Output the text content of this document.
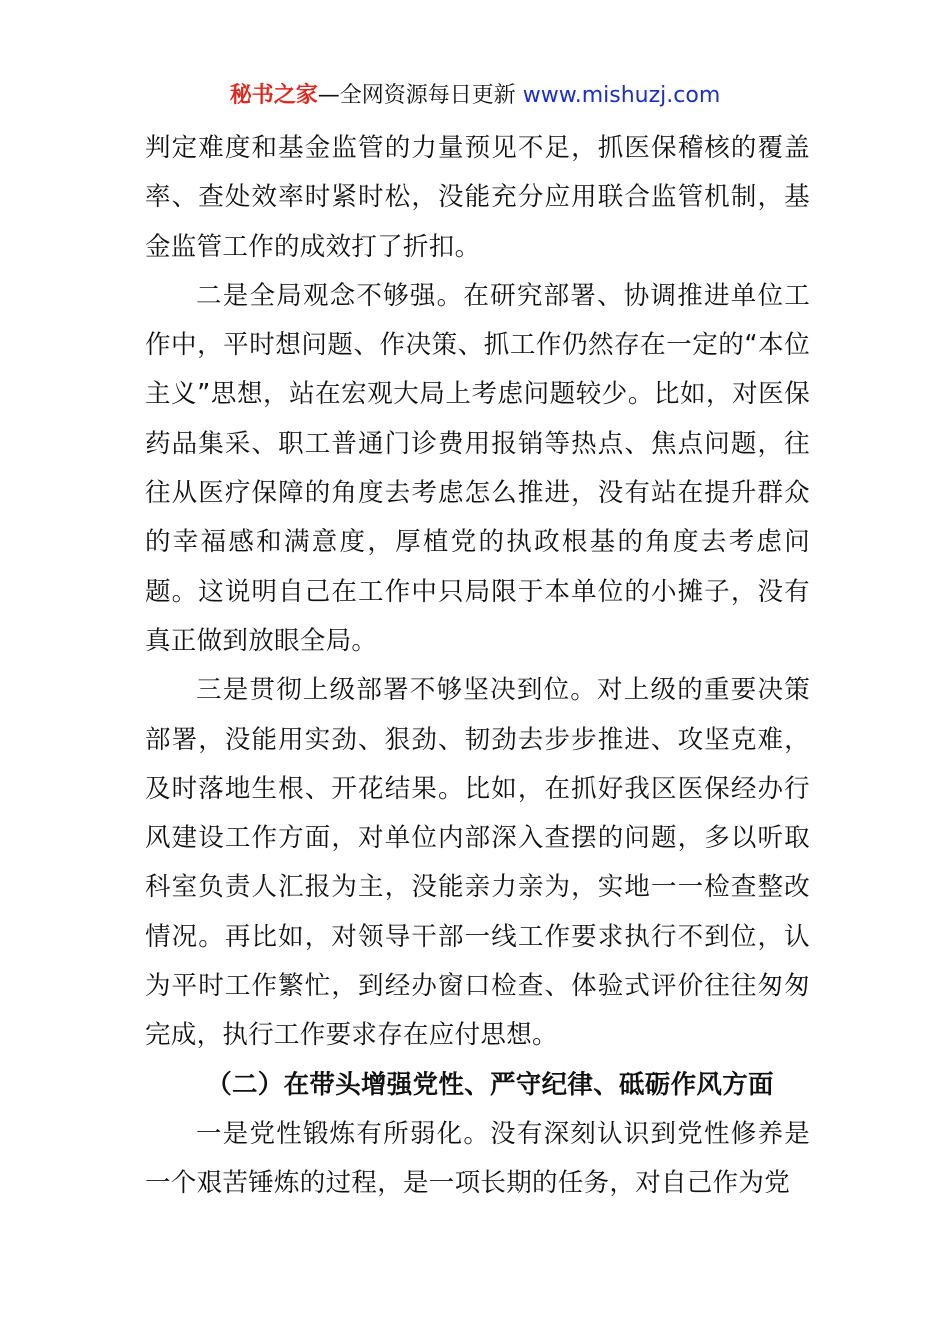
秘书之家—全网资源每日更新 www.mishuzj.com

判定难度和基金监管的力量预见不足，抓医保稽核的覆盖率、查处效率时紧时松，没能充分应用联合监管机制，基金监管工作的成效打了折扣。

二是全局观念不够强。在研究部署、协调推进单位工作中，平时想问题、作决策、抓工作仍然存在一定的“本位主义”思想，站在宏观大局上考虑问题较少。比如，对医保药品集采、职工普通门诊费用报销等热点、焦点问题，往往从医疗保障的角度去考虑怎么推进，没有站在提升群众的幸福感和满意度，厚植党的执政根基的角度去考虑问题。这说明自己在工作中只局限于本单位的小摊子，没有真正做到放眼全局。

三是贯彻上级部署不够坚决到位。对上级的重要决策部署，没能用实劲、狠劲、韧劲去步步推进、攻坚克难，及时落地生根、开花结果。比如，在抓好我区医保经办行风建设工作方面，对单位内部深入查摆的问题，多以听取科室负责人汇报为主，没能亲力亲为，实地一一检查整改情况。再比如，对领导干部一线工作要求执行不到位，认为平时工作繁忙，到经办窗口检查、体验式评价往往匆匆完成，执行工作要求存在应付思想。

（二）在带头增强党性、严守纪律、砥砺作风方面

一是党性锻炼有所弱化。没有深刻认识到党性修养是一个艰苦锤炼的过程，是一项长期的任务，对自己作为党
